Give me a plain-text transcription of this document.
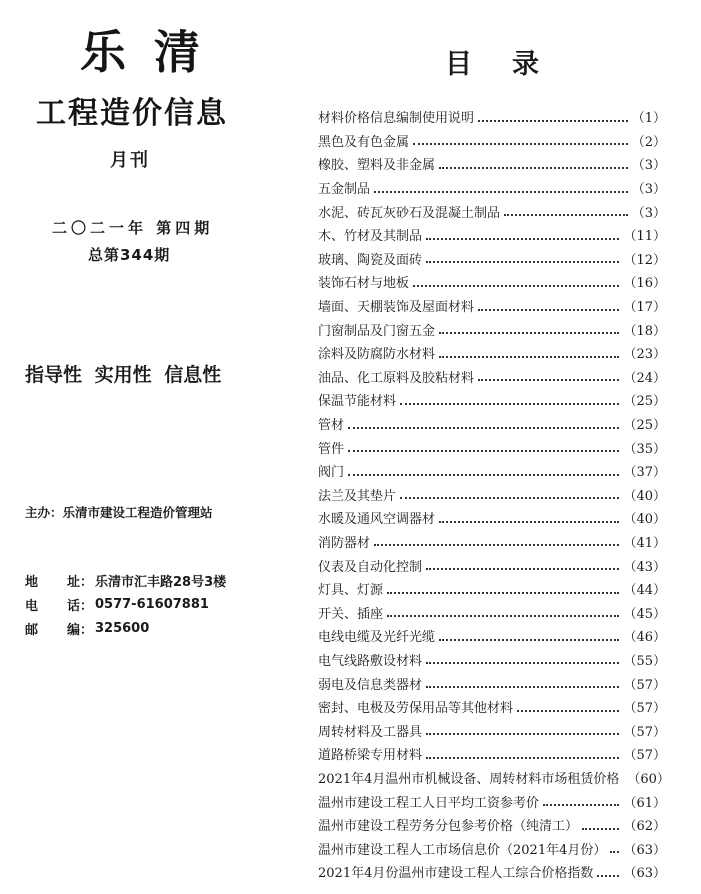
乐清
工程造价信息
月刊
二〇二一年 第四期
总第344期
指导性 实用性 信息性
主办：乐清市建设工程造价管理站
地	址： 乐清市汇丰路28号3楼
电	话： 0577-61607881
邮	编： 325600
目录
材料价格信息编制使用说明	（1）
黑色及有色金属	（2）
橡胶、塑料及非金属	（3）
五金制品	（3）
水泥、砖瓦灰砂石及混凝土制品	（3）
木、竹材及其制品	（11）
玻璃、陶瓷及面砖	（12）
装饰石材与地板	（16）
墙面、天棚装饰及屋面材料	（17）
门窗制品及门窗五金	（18）
涂料及防腐防水材料	（23）
油品、化工原料及胶粘材料	（24）
保温节能材料	（25）
管材	（25）
管件	（35）
阀门	（37）
法兰及其垫片	（40）
水暖及通风空调器材	（40）
消防器材	（41）
仪表及自动化控制	（43）
灯具、灯源	（44）
开关、插座	（45）
电线电缆及光纤光缆	（46）
电气线路敷设材料	（55）
弱电及信息类器材	（57）
密封、电极及劳保用品等其他材料	（57）
周转材料及工器具	（57）
道路桥梁专用材料	（57）
2021年4月温州市机械设备、周转材料市场租赁价格 （60）
温州市建设工程工人日平均工资参考价	（61）
温州市建设工程劳务分包参考价格（纯清工）	（62）
温州市建设工程人工市场信息价（2021年4月份） （63）
2021年4月份温州市建设工程人工综合价格指数 （63）
